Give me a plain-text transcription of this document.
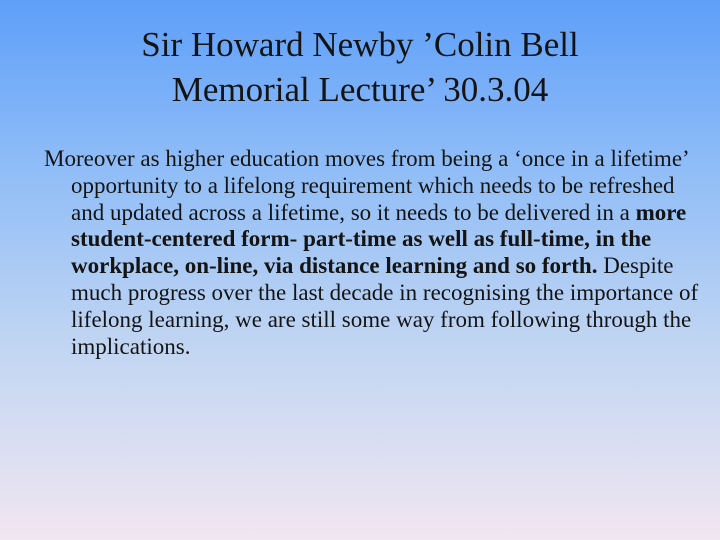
Sir Howard Newby ’Colin Bell
Memorial Lecture’ 30.3.04

Moreover as higher education moves from being a ‘once in a lifetime’ opportunity to a lifelong requirement which needs to be refreshed and updated across a lifetime, so it needs to be delivered in a more student-centered form- part-time as well as full-time, in the workplace, on-line, via distance learning and so forth. Despite much progress over the last decade in recognising the importance of lifelong learning, we are still some way from following through the implications.
